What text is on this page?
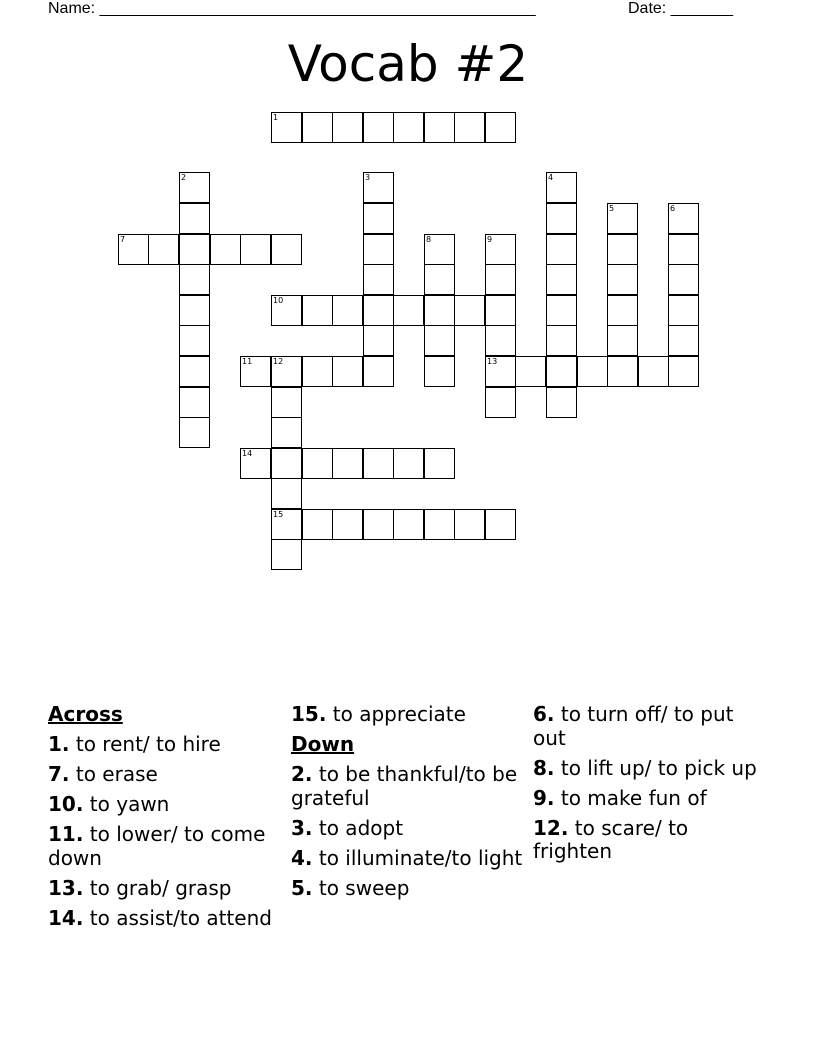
Name: _________________________________________________	Date: _______
Vocab #2
1
2	3	4
5	6
7	8	9
13
10
11	12
15
14
Across
1. to rent/ to hire
7. to erase
10. to yawn
11. to lower/ to come down
13. to grab/ grasp
14. to assist/to attend
15. to appreciate
Down
2. to be thankful/to be grateful
3. to adopt
4. to illuminate/to light
5. to sweep
6. to turn off/ to put out
8. to lift up/ to pick up
9. to make fun of
12. to scare/ to frighten
